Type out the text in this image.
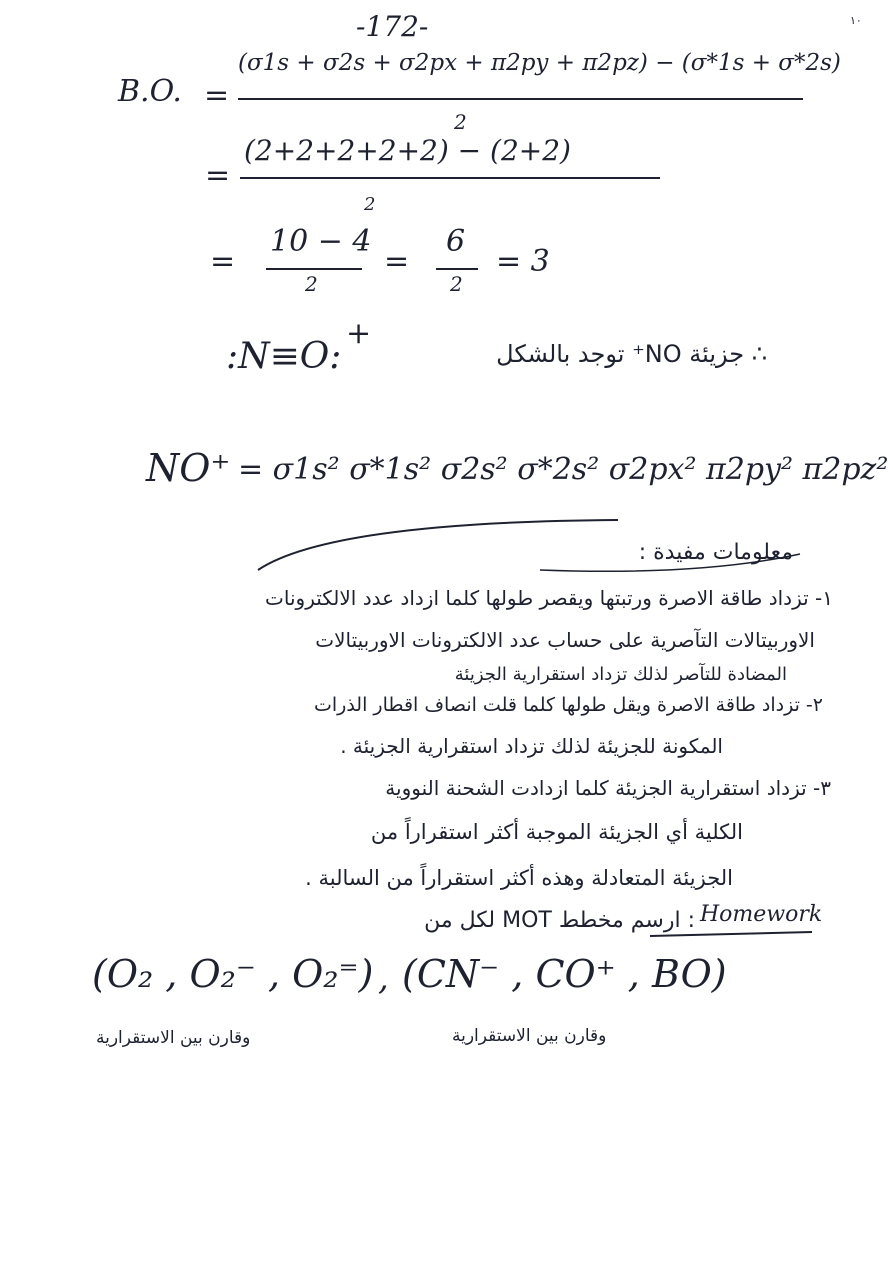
-172-	١٠
B.O. =
(σ1s + σ2s + σ2px + π2py + π2pz) − (σ*1s + σ*2s)
=
(2+2+2+2+2) − (2+2)
2
2
=
10 − 4
2
=
6
2
= 3
:N≡O:
+
∴ جزيئة NO⁺ توجد بالشكل
NO⁺ = σ1s² σ*1s² σ2s² σ*2s² σ2px² π2py² π2pz²
معلومات مفيدة :
١- تزداد طاقة الاصرة ورتبتها ويقصر طولها كلما ازداد عدد الالكترونات
الاوربيتالات التآصرية على حساب عدد الالكترونات الاوربيتالات
المضادة للتآصر لذلك تزداد استقرارية الجزيئة
٢- تزداد طاقة الاصرة ويقل طولها كلما قلت انصاف اقطار الذرات
المكونة للجزيئة لذلك تزداد استقرارية الجزيئة .
٣- تزداد استقرارية الجزيئة كلما ازدادت الشحنة النووية
الكلية أي الجزيئة الموجبة أكثر استقراراً من
الجزيئة المتعادلة وهذه أكثر استقراراً من السالبة .
Homework
: ارسم مخطط MOT لكل من
(O₂ , O₂⁻ , O₂⁼) , (CN⁻ , CO⁺ , BO)
وقارن بين الاستقرارية	وقارن بين الاستقرارية
